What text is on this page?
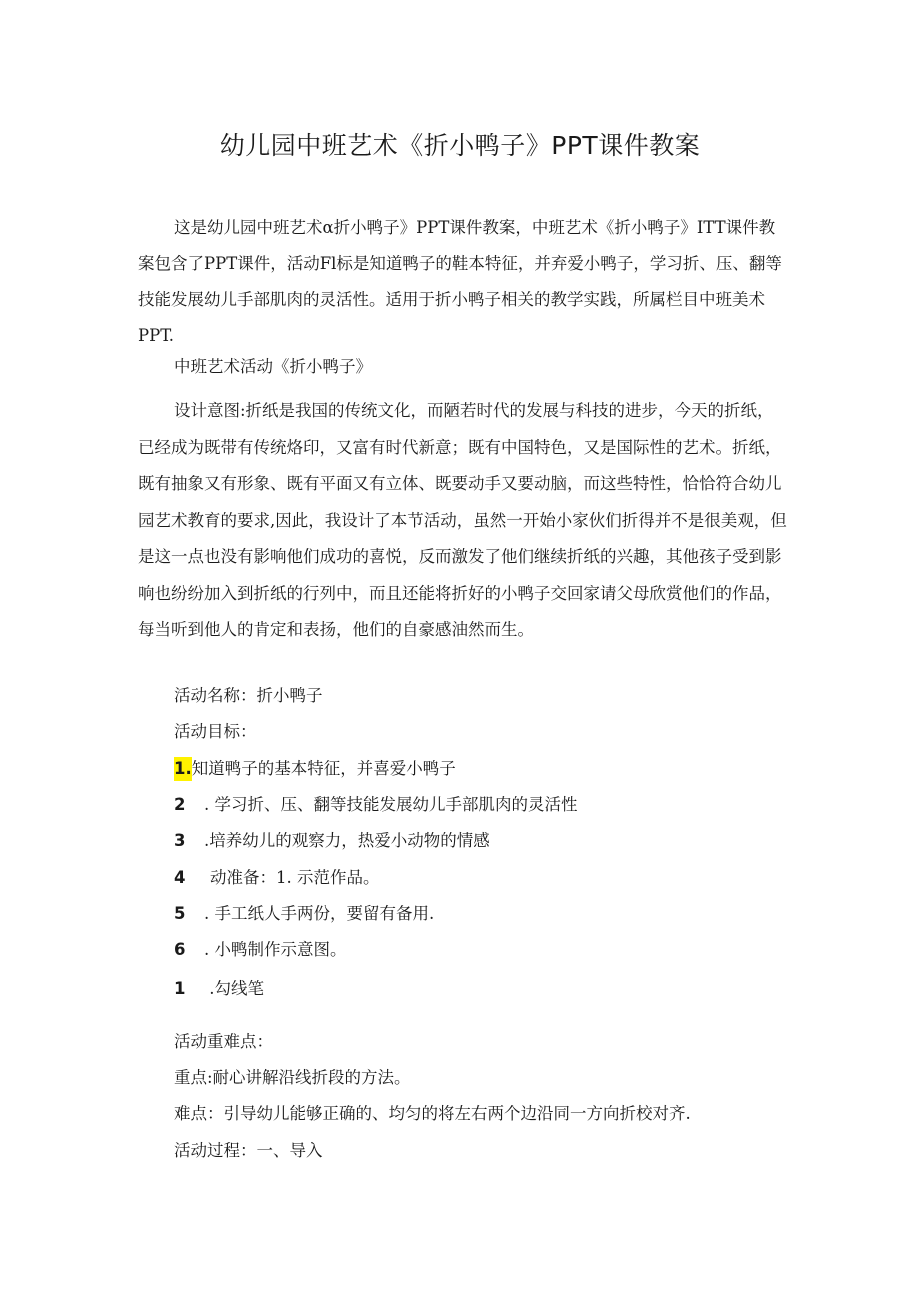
幼儿园中班艺术《折小鸭子》PPT课件教案

这是幼儿园中班艺术α折小鸭子》PPT课件教案，中班艺术《折小鸭子》ITT课件教案包含了PPT课件，活动Fl标是知道鸭子的鞋本特征，并弃爱小鸭子，学习折、压、翻等技能发展幼儿手部肌肉的灵活性。适用于折小鸭子相关的教学实践，所属栏目中班美术PPT.

中班艺术活动《折小鸭子》

设计意图:折纸是我国的传统文化，而陋若时代的发展与科技的进步，今天的折纸，已经成为既带有传统烙印，又富有时代新意；既有中国特色，又是国际性的艺术。折纸，既有抽象又有形象、既有平面又有立体、既要动手又要动脑，而这些特性，恰恰符合幼儿园艺术教育的要求,因此，我设计了本节活动，虽然一开始小家伙们折得并不是很美观，但是这一点也没有影响他们成功的喜悦，反而激发了他们继续折纸的兴趣，其他孩子受到影响也纷纷加入到折纸的行列中，而且还能将折好的小鸭子交回家请父母欣赏他们的作品，每当听到他人的肯定和表扬，他们的自豪感油然而生。

活动名称：折小鸭子

活动目标：

1.知道鸭子的基本特征，并喜爱小鸭子

2 . 学习折、压、翻等技能发展幼儿手部肌肉的灵活性

3 .培养幼儿的观察力，热爱小动物的情感

4 动准备：1. 示范作品。

5 . 手工纸人手两份，要留有备用.

6 . 小鸭制作示意图。

1 .勾线笔

活动重难点：

重点:耐心讲解沿线折段的方法。

难点：引导幼儿能够正确的、均匀的将左右两个边沿同一方向折校对齐.

活动过程：一、导入
